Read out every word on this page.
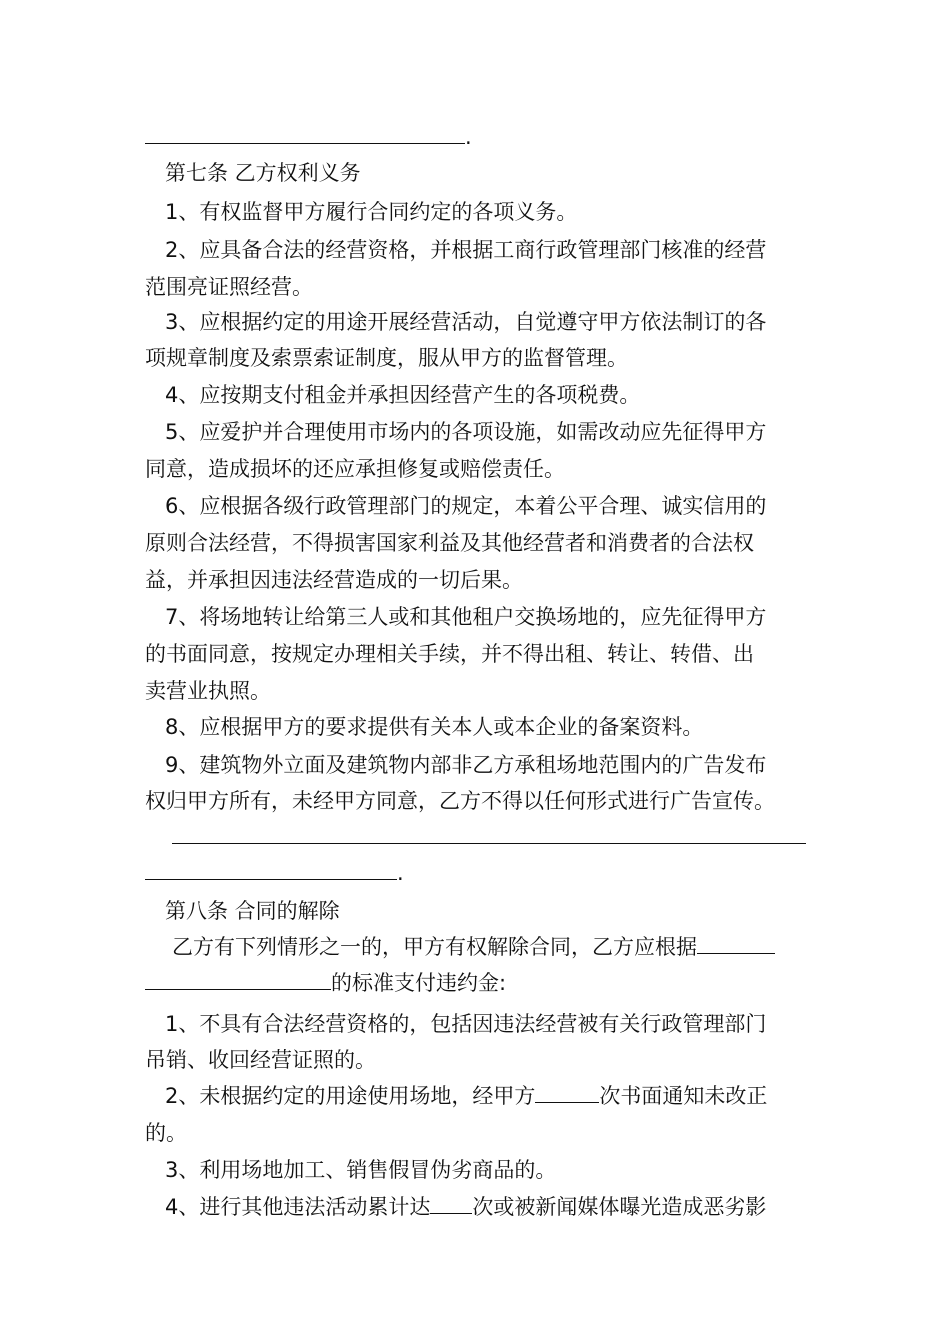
.
第七条 乙方权利义务
1、有权监督甲方履行合同约定的各项义务。
2、应具备合法的经营资格，并根据工商行政管理部门核准的经营
范围亮证照经营。
3、应根据约定的用途开展经营活动，自觉遵守甲方依法制订的各
项规章制度及索票索证制度，服从甲方的监督管理。
4、应按期支付租金并承担因经营产生的各项税费。
5、应爱护并合理使用市场内的各项设施，如需改动应先征得甲方
同意，造成损坏的还应承担修复或赔偿责任。
6、应根据各级行政管理部门的规定，本着公平合理、诚实信用的
原则合法经营，不得损害国家利益及其他经营者和消费者的合法权
益，并承担因违法经营造成的一切后果。
7、将场地转让给第三人或和其他租户交换场地的，应先征得甲方
的书面同意，按规定办理相关手续，并不得出租、转让、转借、出
卖营业执照。
8、应根据甲方的要求提供有关本人或本企业的备案资料。
9、建筑物外立面及建筑物内部非乙方承租场地范围内的广告发布
权归甲方所有，未经甲方同意，乙方不得以任何形式进行广告宣传。
.
第八条 合同的解除
乙方有下列情形之一的，甲方有权解除合同，乙方应根据
的标准支付违约金:
1、不具有合法经营资格的，包括因违法经营被有关行政管理部门
吊销、收回经营证照的。
2、未根据约定的用途使用场地，经甲方	次书面通知未改正
的。
3、利用场地加工、销售假冒伪劣商品的。
4、进行其他违法活动累计达 次或被新闻媒体曝光造成恶劣影
